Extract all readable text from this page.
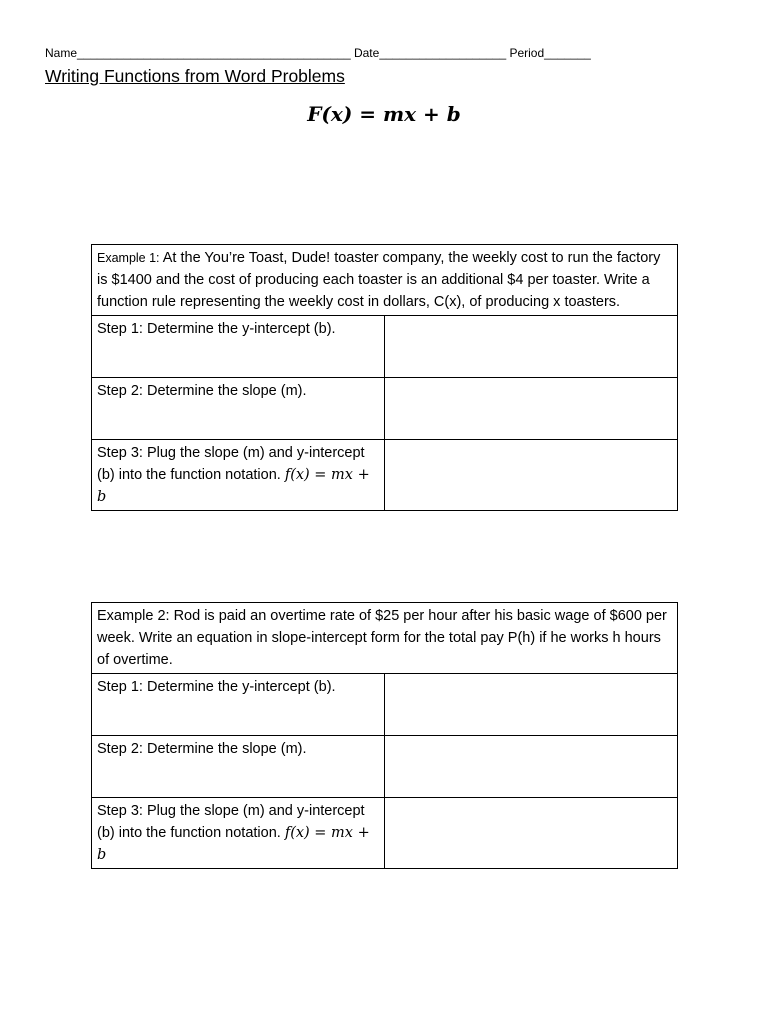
Name_________________________________________ Date___________________ Period_______
Writing Functions from Word Problems
F(x) = mx + b
Example 1: At the You’re Toast, Dude! toaster company, the weekly cost to run the factory is $1400 and the cost of producing each toaster is an additional $4 per toaster. Write a function rule representing the weekly cost in dollars, C(x), of producing x toasters.	
Step 1: Determine the y-intercept (b).	
Step 2: Determine the slope (m).	
Step 3: Plug the slope (m) and y-intercept (b) into the function notation. f(x) = mx + b	
Example 2: Rod is paid an overtime rate of $25 per hour after his basic wage of $600 per week. Write an equation in slope-intercept form for the total pay P(h) if he works h hours of overtime.	
Step 1: Determine the y-intercept (b).	
Step 2: Determine the slope (m).	
Step 3: Plug the slope (m) and y-intercept (b) into the function notation. f(x) = mx + b	
